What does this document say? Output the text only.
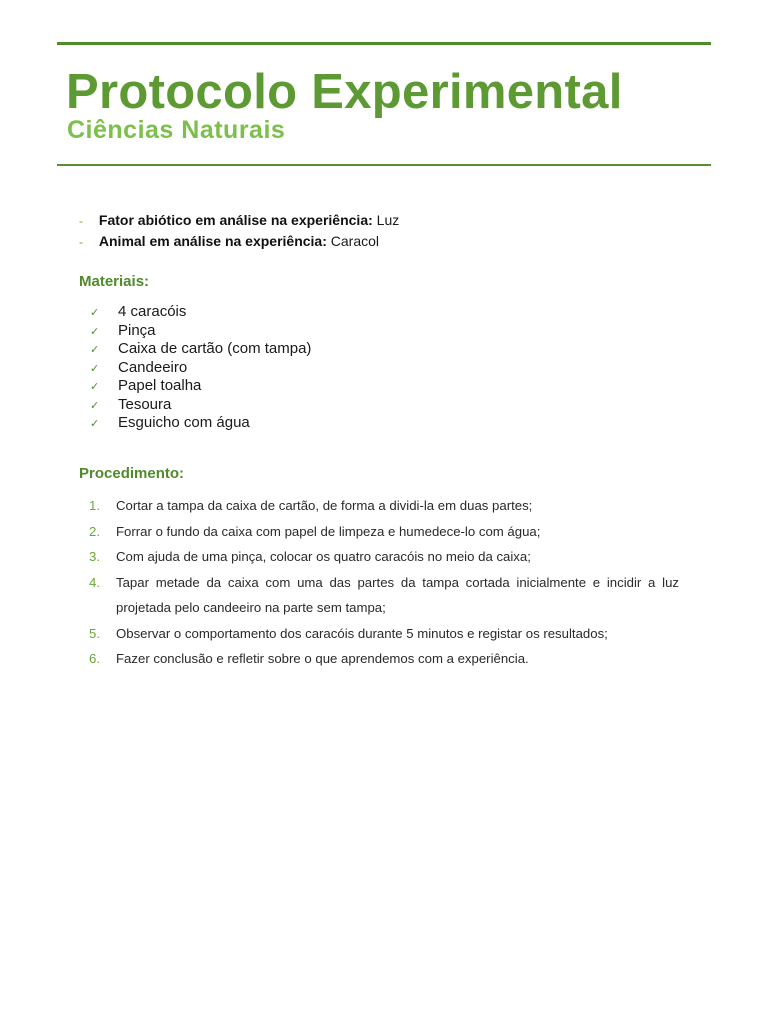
Protocolo Experimental
Ciências Naturais
- Fator abiótico em análise na experiência: Luz
- Animal em análise na experiência: Caracol
Materiais:
✓ 4 caracóis
✓ Pinça
✓ Caixa de cartão (com tampa)
✓ Candeeiro
✓ Papel toalha
✓ Tesoura
✓ Esguicho com água
Procedimento:
1.	Cortar a tampa da caixa de cartão, de forma a dividi-la em duas partes;
2.	Forrar o fundo da caixa com papel de limpeza e humedece-lo com água;
3.	Com ajuda de uma pinça, colocar os quatro caracóis no meio da caixa;
4.	Tapar metade da caixa com uma das partes da tampa cortada inicialmente e incidir a luz projetada pelo candeeiro na parte sem tampa;
5.	Observar o comportamento dos caracóis durante 5 minutos e registar os resultados;
6.	Fazer conclusão e refletir sobre o que aprendemos com a experiência.
